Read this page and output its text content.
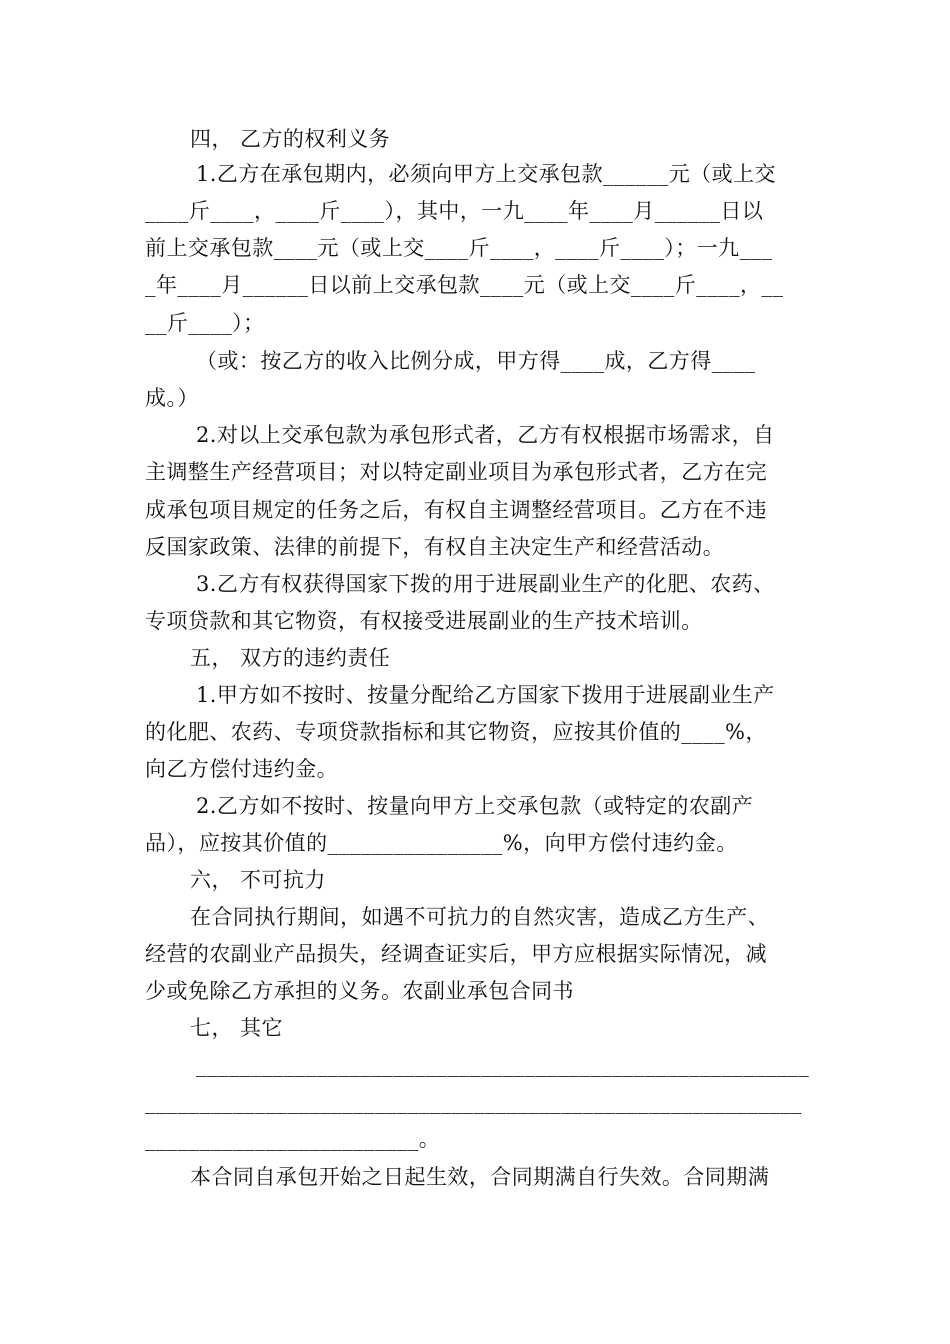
四， 乙方的权利义务
1.乙方在承包期内，必须向甲方上交承包款______元（或上交
____斤____，____斤____），其中，一九____年____月______日以
前上交承包款____元（或上交____斤____，____斤____）；一九___
_年____月______日以前上交承包款____元（或上交____斤____，__
__斤____）；
（或：按乙方的收入比例分成，甲方得____成，乙方得____
成。）
2.对以上交承包款为承包形式者，乙方有权根据市场需求，自
主调整生产经营项目；对以特定副业项目为承包形式者，乙方在完
成承包项目规定的任务之后，有权自主调整经营项目。乙方在不违
反国家政策、法律的前提下，有权自主决定生产和经营活动。
3.乙方有权获得国家下拨的用于进展副业生产的化肥、农药、
专项贷款和其它物资，有权接受进展副业的生产技术培训。
五， 双方的违约责任
1.甲方如不按时、按量分配给乙方国家下拨用于进展副业生产
的化肥、农药、专项贷款指标和其它物资，应按其价值的____%，
向乙方偿付违约金。
2.乙方如不按时、按量向甲方上交承包款（或特定的农副产
品），应按其价值的________________%，向甲方偿付违约金。
六， 不可抗力
在合同执行期间，如遇不可抗力的自然灾害，造成乙方生产、
经营的农副业产品损失，经调查证实后，甲方应根据实际情况，减
少或免除乙方承担的义务。农副业承包合同书
七， 其它
________________________________________________________
____________________________________________________________
_________________________。
本合同自承包开始之日起生效，合同期满自行失效。合同期满
